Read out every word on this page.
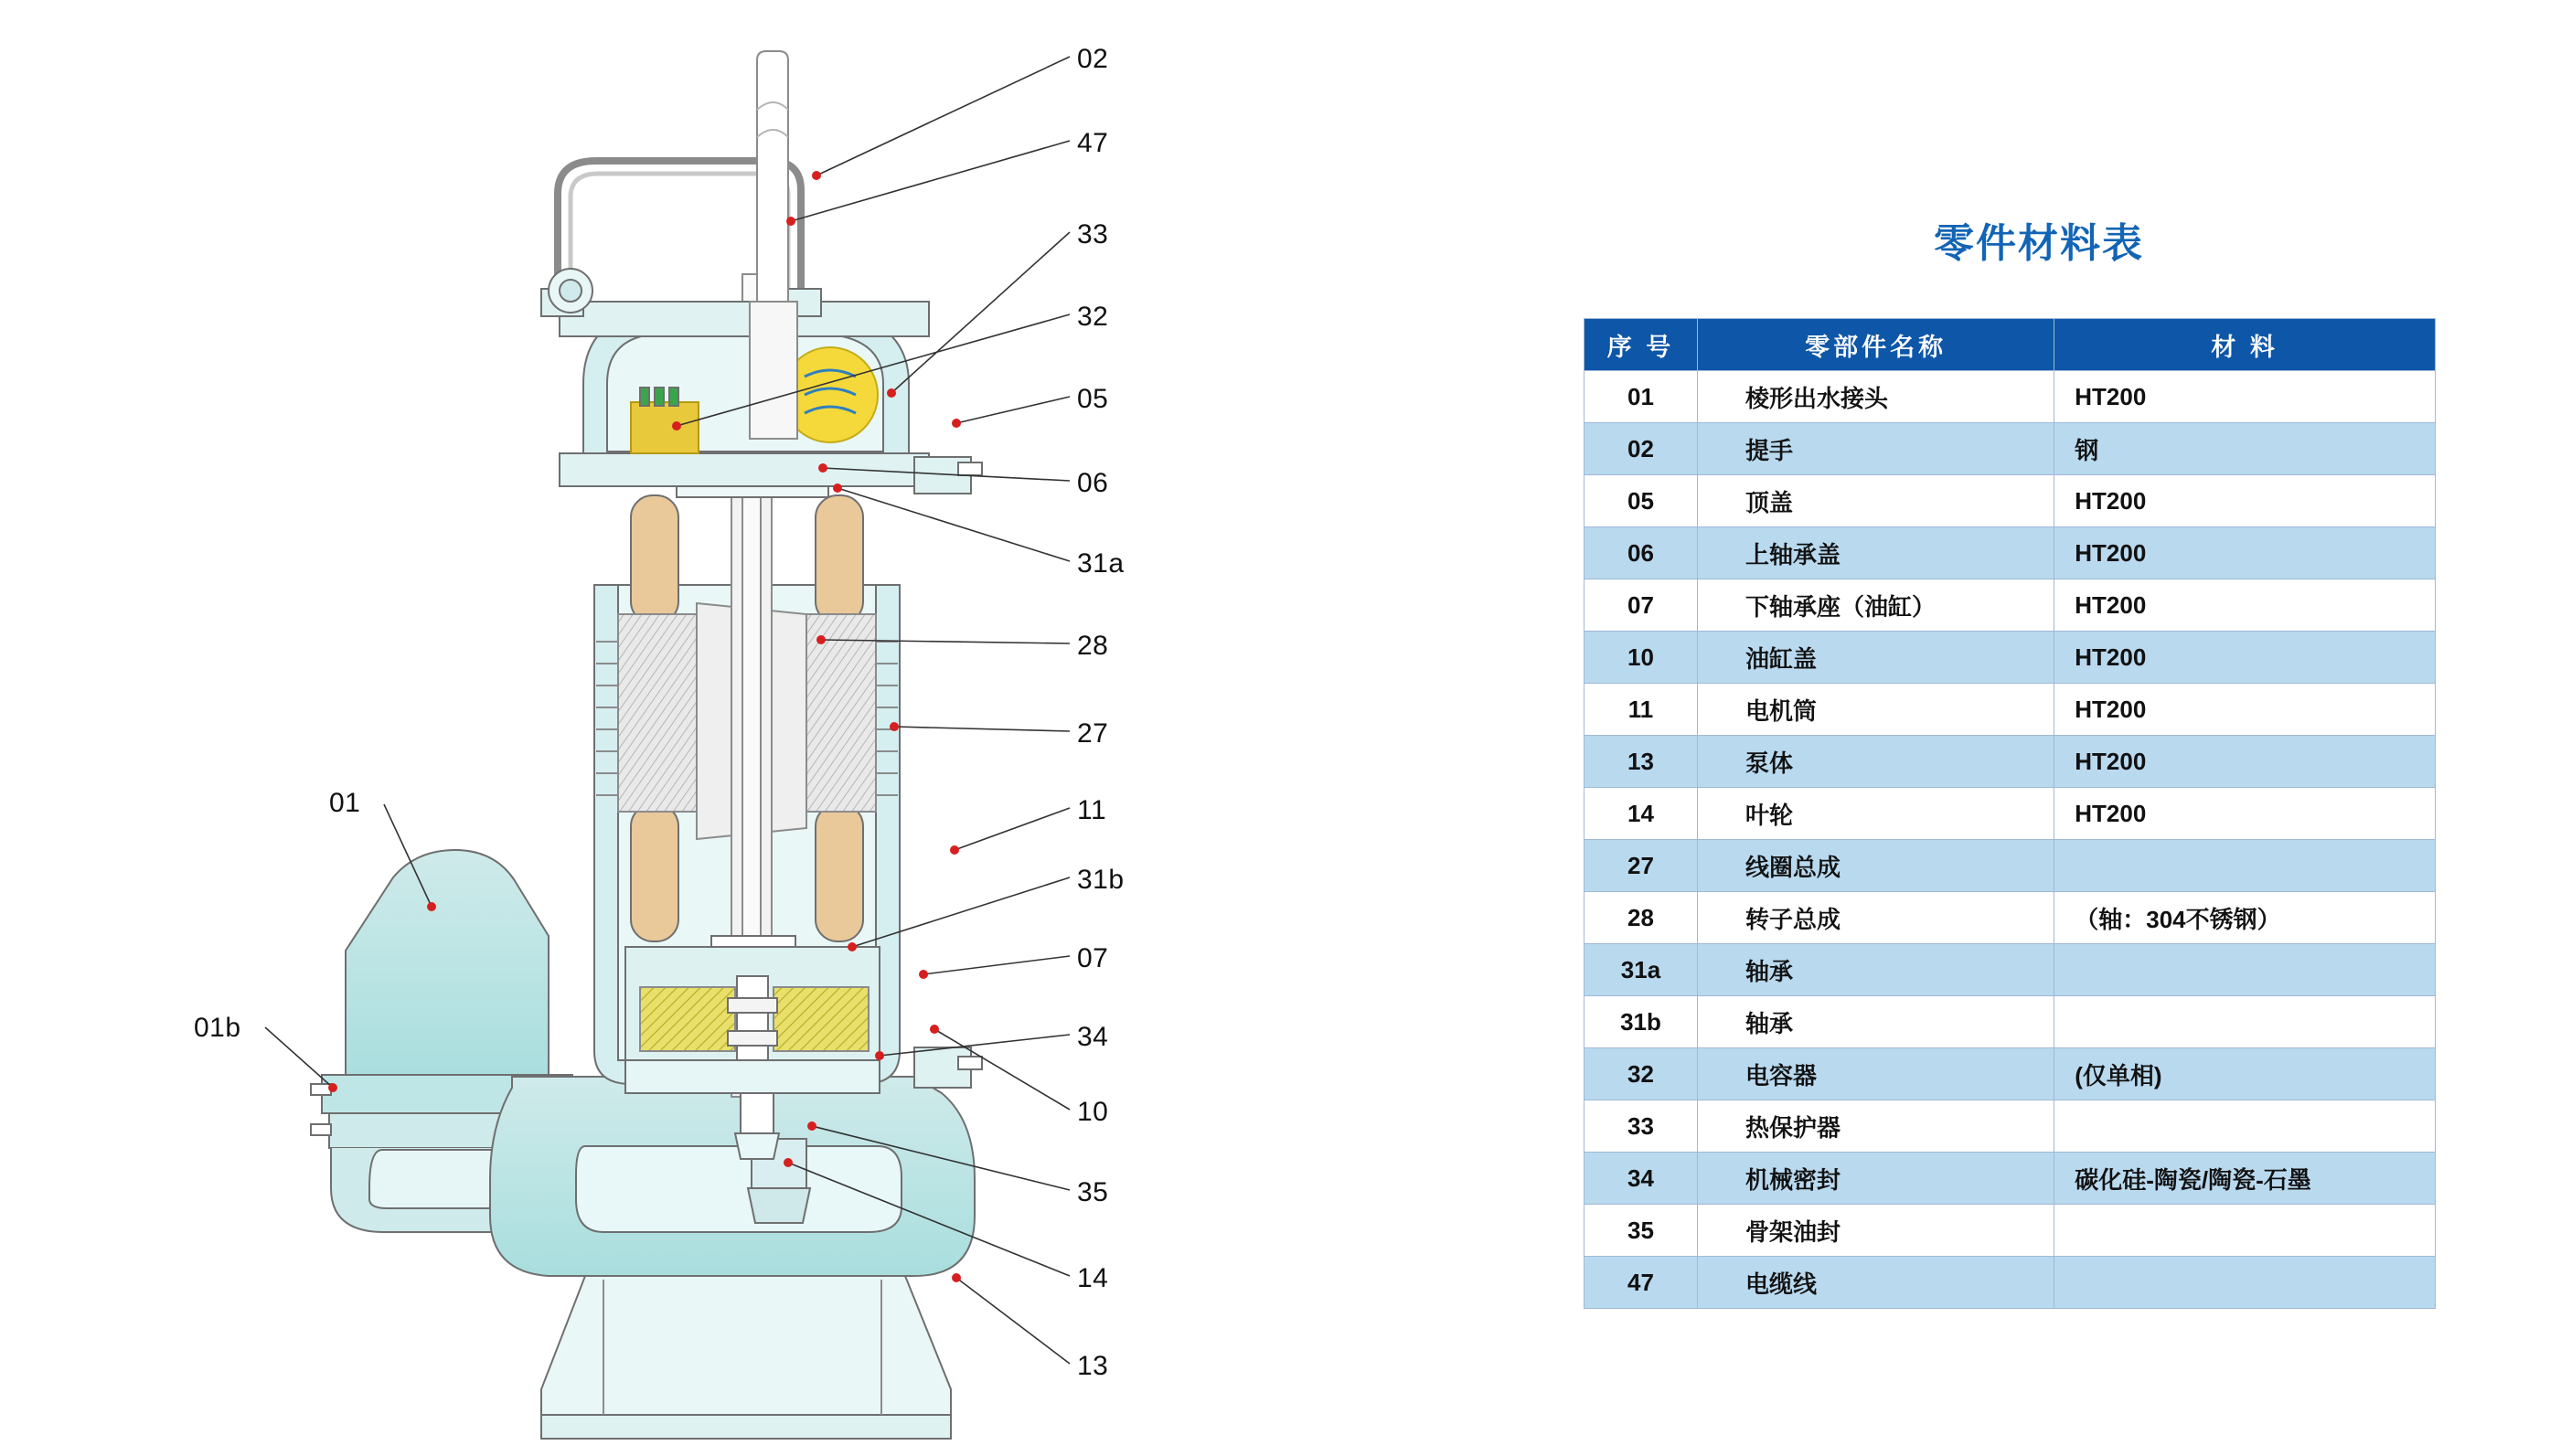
02
47
33
32
05
06
31a
28
27
11
31b
07
34
10
35
14
13
01
01b
零件材料表
序 号	零部件名称	材 料
01	棱形出水接头	HT200
02	提手	钢
05	顶盖	HT200
06	上轴承盖	HT200
07	下轴承座（油缸）	HT200
10	油缸盖	HT200
11	电机筒	HT200
13	泵体	HT200
14	叶轮	HT200
27	线圈总成	
28	转子总成	（轴：304不锈钢）
31a	轴承	
31b	轴承	
32	电容器	(仅单相)
33	热保护器	
34	机械密封	碳化硅-陶瓷/陶瓷-石墨
35	骨架油封	
47	电缆线	
